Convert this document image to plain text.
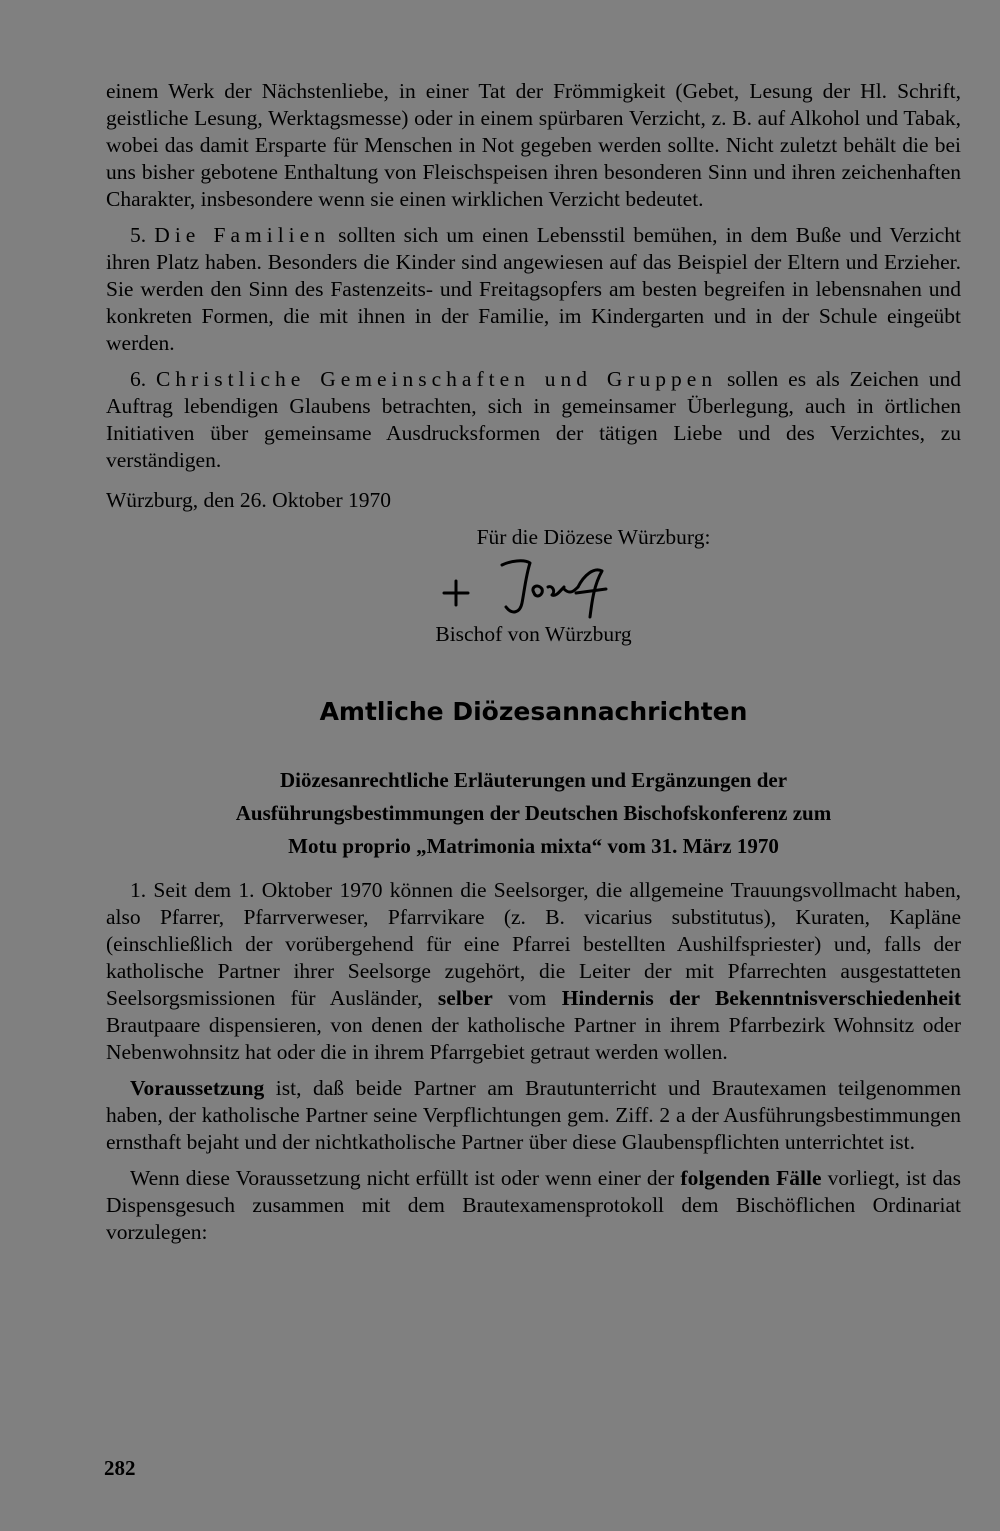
einem Werk der Nächstenliebe, in einer Tat der Frömmigkeit (Gebet, Lesung der Hl. Schrift, geistliche Lesung, Werktagsmesse) oder in einem spürbaren Verzicht, z. B. auf Alkohol und Tabak, wobei das damit Ersparte für Menschen in Not gegeben werden sollte. Nicht zuletzt behält die bei uns bisher gebotene Enthaltung von Fleischspeisen ihren besonderen Sinn und ihren zeichenhaften Charakter, insbesondere wenn sie einen wirklichen Verzicht bedeutet.

5. Die Familien sollten sich um einen Lebensstil bemühen, in dem Buße und Verzicht ihren Platz haben. Besonders die Kinder sind angewiesen auf das Beispiel der Eltern und Erzieher. Sie werden den Sinn des Fastenzeits- und Freitagsopfers am besten begreifen in lebensnahen und konkreten Formen, die mit ihnen in der Familie, im Kindergarten und in der Schule eingeübt werden.

6. Christliche Gemeinschaften und Gruppen sollen es als Zeichen und Auftrag lebendigen Glaubens betrachten, sich in gemeinsamer Überlegung, auch in örtlichen Initiativen über gemeinsame Ausdrucksformen der tätigen Liebe und des Verzichtes, zu verständigen.

Würzburg, den 26. Oktober 1970

Für die Diözese Würzburg:
Bischof von Würzburg
Amtliche Diözesannachrichten
Diözesanrechtliche Erläuterungen und Ergänzungen der
Ausführungsbestimmungen der Deutschen Bischofskonferenz zum
Motu proprio „Matrimonia mixta“ vom 31. März 1970

1. Seit dem 1. Oktober 1970 können die Seelsorger, die allgemeine Trauungsvollmacht haben, also Pfarrer, Pfarrverweser, Pfarrvikare (z. B. vicarius substitutus), Kuraten, Kapläne (einschließlich der vorübergehend für eine Pfarrei bestellten Aushilfspriester) und, falls der katholische Partner ihrer Seelsorge zugehört, die Leiter der mit Pfarrechten ausgestatteten Seelsorgsmissionen für Ausländer, selber vom Hindernis der Bekenntnisverschiedenheit Brautpaare dispensieren, von denen der katholische Partner in ihrem Pfarrbezirk Wohnsitz oder Nebenwohnsitz hat oder die in ihrem Pfarrgebiet getraut werden wollen.

Voraussetzung ist, daß beide Partner am Brautunterricht und Brautexamen teilgenommen haben, der katholische Partner seine Verpflichtungen gem. Ziff. 2 a der Ausführungsbestimmungen ernsthaft bejaht und der nichtkatholische Partner über diese Glaubenspflichten unterrichtet ist.

Wenn diese Voraussetzung nicht erfüllt ist oder wenn einer der folgenden Fälle vorliegt, ist das Dispensgesuch zusammen mit dem Brautexamensprotokoll dem Bischöflichen Ordinariat vorzulegen:

282
